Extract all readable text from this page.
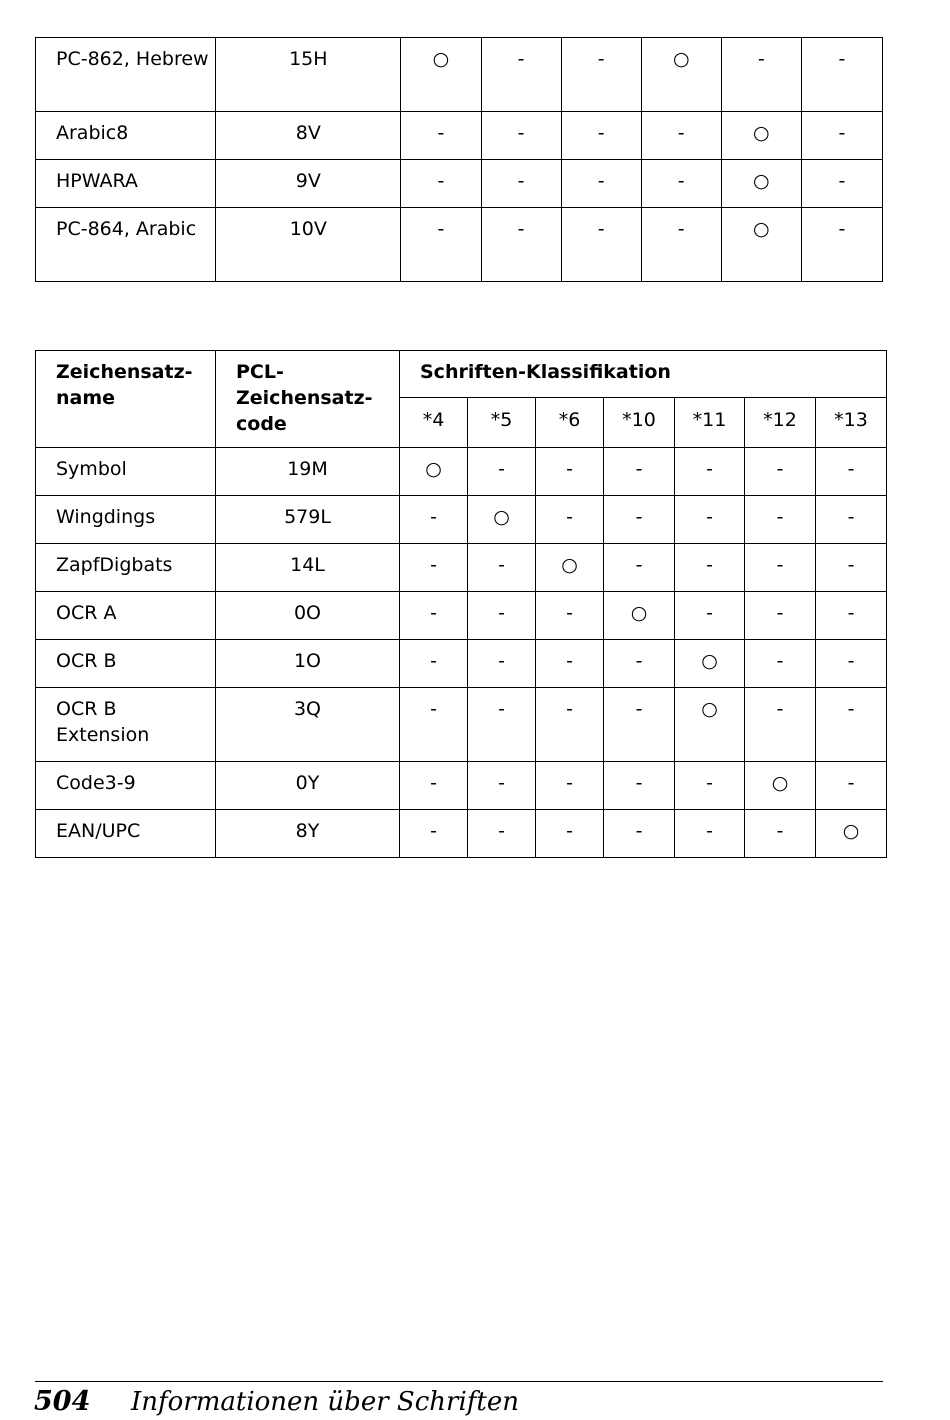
PC-862, Hebrew	15H	○	-	-	○	-	-
Arabic8	8V	-	-	-	-	○	-
HPWARA	9V	-	-	-	-	○	-
PC-864, Arabic	10V	-	-	-	-	○	-
Zeichensatz-name	PCL-Zeichensatz-code	Schriften-Klassifikation						
		*4	*5	*6	*10	*11	*12	*13
Symbol	19M	○	-	-	-	-	-	-
Wingdings	579L	-	○	-	-	-	-	-
ZapfDigbats	14L	-	-	○	-	-	-	-
OCR A	0O	-	-	-	○	-	-	-
OCR B	1O	-	-	-	-	○	-	-
OCR B Extension	3Q	-	-	-	-	○	-	-
Code3-9	0Y	-	-	-	-	-	○	-
EAN/UPC	8Y	-	-	-	-	-	-	○
504 Informationen über Schriften
